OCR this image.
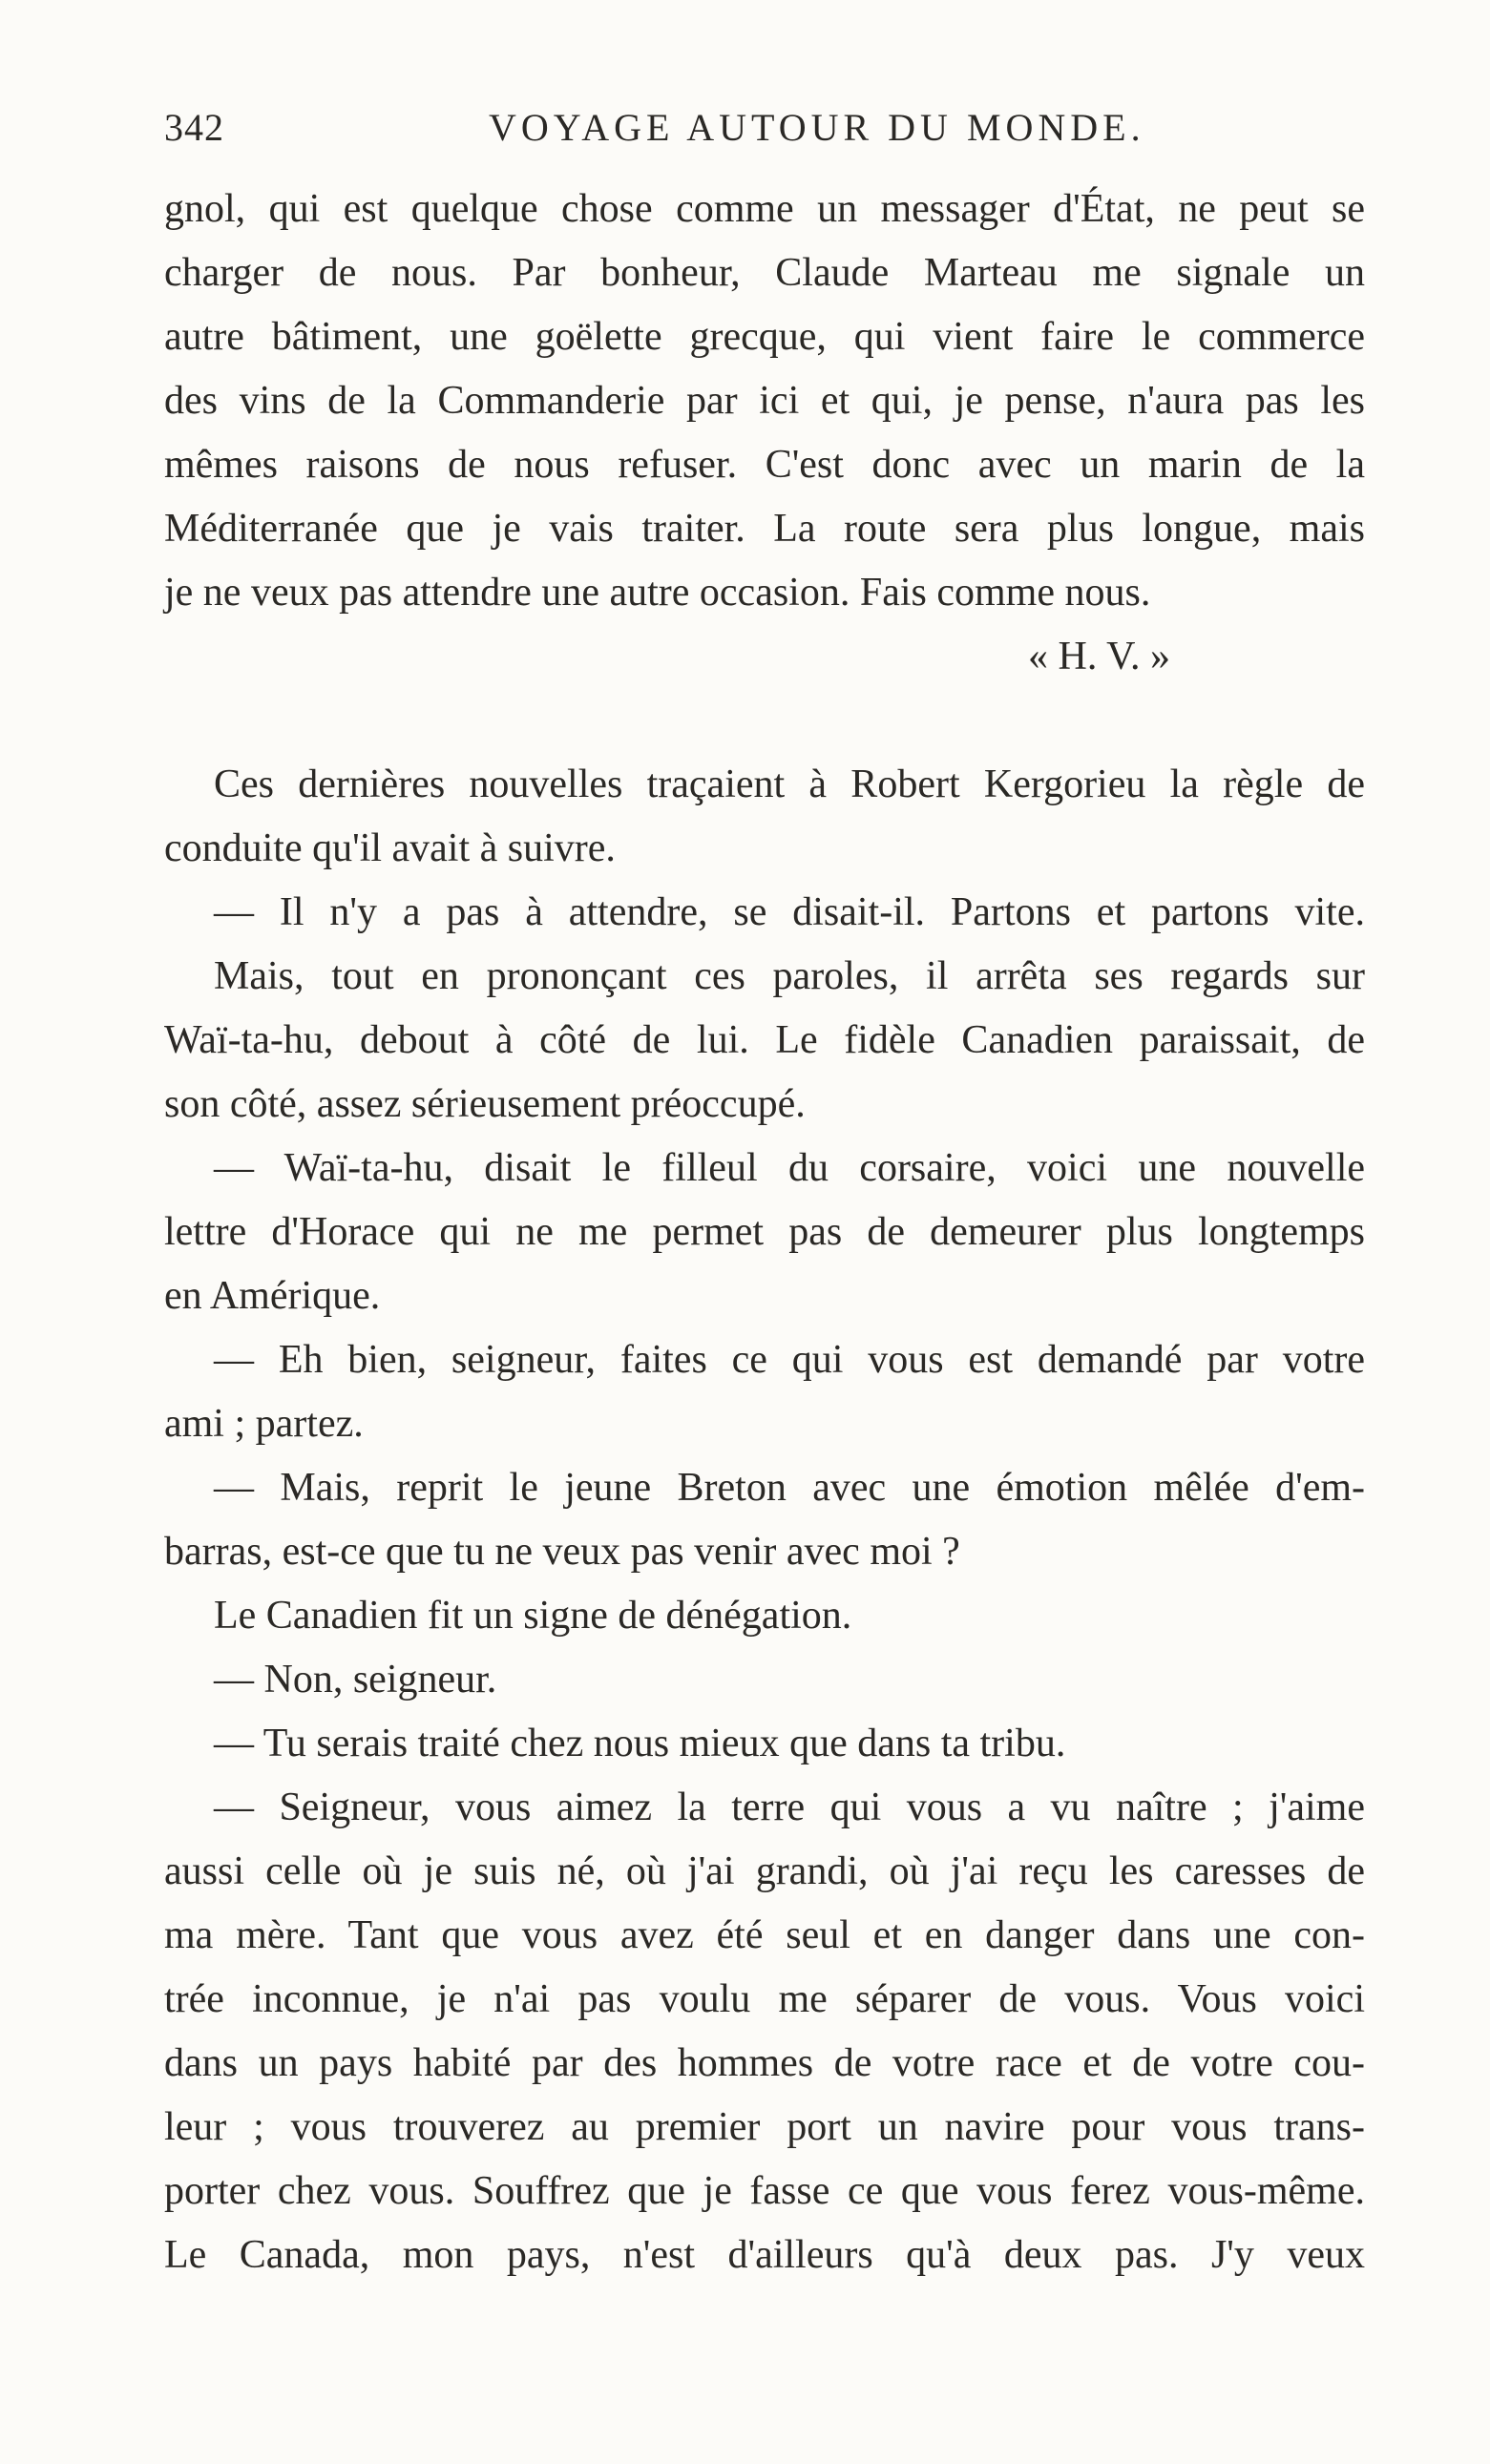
342	VOYAGE AUTOUR DU MONDE.
gnol, qui est quelque chose comme un messager d'État, ne peut se
charger de nous. Par bonheur, Claude Marteau me signale un
autre bâtiment, une goëlette grecque, qui vient faire le commerce
des vins de la Commanderie par ici et qui, je pense, n'aura pas les
mêmes raisons de nous refuser. C'est donc avec un marin de la
Méditerranée que je vais traiter. La route sera plus longue, mais
je ne veux pas attendre une autre occasion. Fais comme nous.
« H. V. »
Ces dernières nouvelles traçaient à Robert Kergorieu la règle de
conduite qu'il avait à suivre.
— Il n'y a pas à attendre, se disait-il. Partons et partons vite.
Mais, tout en prononçant ces paroles, il arrêta ses regards sur
Waï-ta-hu, debout à côté de lui. Le fidèle Canadien paraissait, de
son côté, assez sérieusement préoccupé.
— Waï-ta-hu, disait le filleul du corsaire, voici une nouvelle
lettre d'Horace qui ne me permet pas de demeurer plus longtemps
en Amérique.
— Eh bien, seigneur, faites ce qui vous est demandé par votre
ami ; partez.
— Mais, reprit le jeune Breton avec une émotion mêlée d'em-
barras, est-ce que tu ne veux pas venir avec moi ?
Le Canadien fit un signe de dénégation.
— Non, seigneur.
— Tu serais traité chez nous mieux que dans ta tribu.
— Seigneur, vous aimez la terre qui vous a vu naître ; j'aime
aussi celle où je suis né, où j'ai grandi, où j'ai reçu les caresses de
ma mère. Tant que vous avez été seul et en danger dans une con-
trée inconnue, je n'ai pas voulu me séparer de vous. Vous voici
dans un pays habité par des hommes de votre race et de votre cou-
leur ; vous trouverez au premier port un navire pour vous trans-
porter chez vous. Souffrez que je fasse ce que vous ferez vous-même.
Le Canada, mon pays, n'est d'ailleurs qu'à deux pas. J'y veux
